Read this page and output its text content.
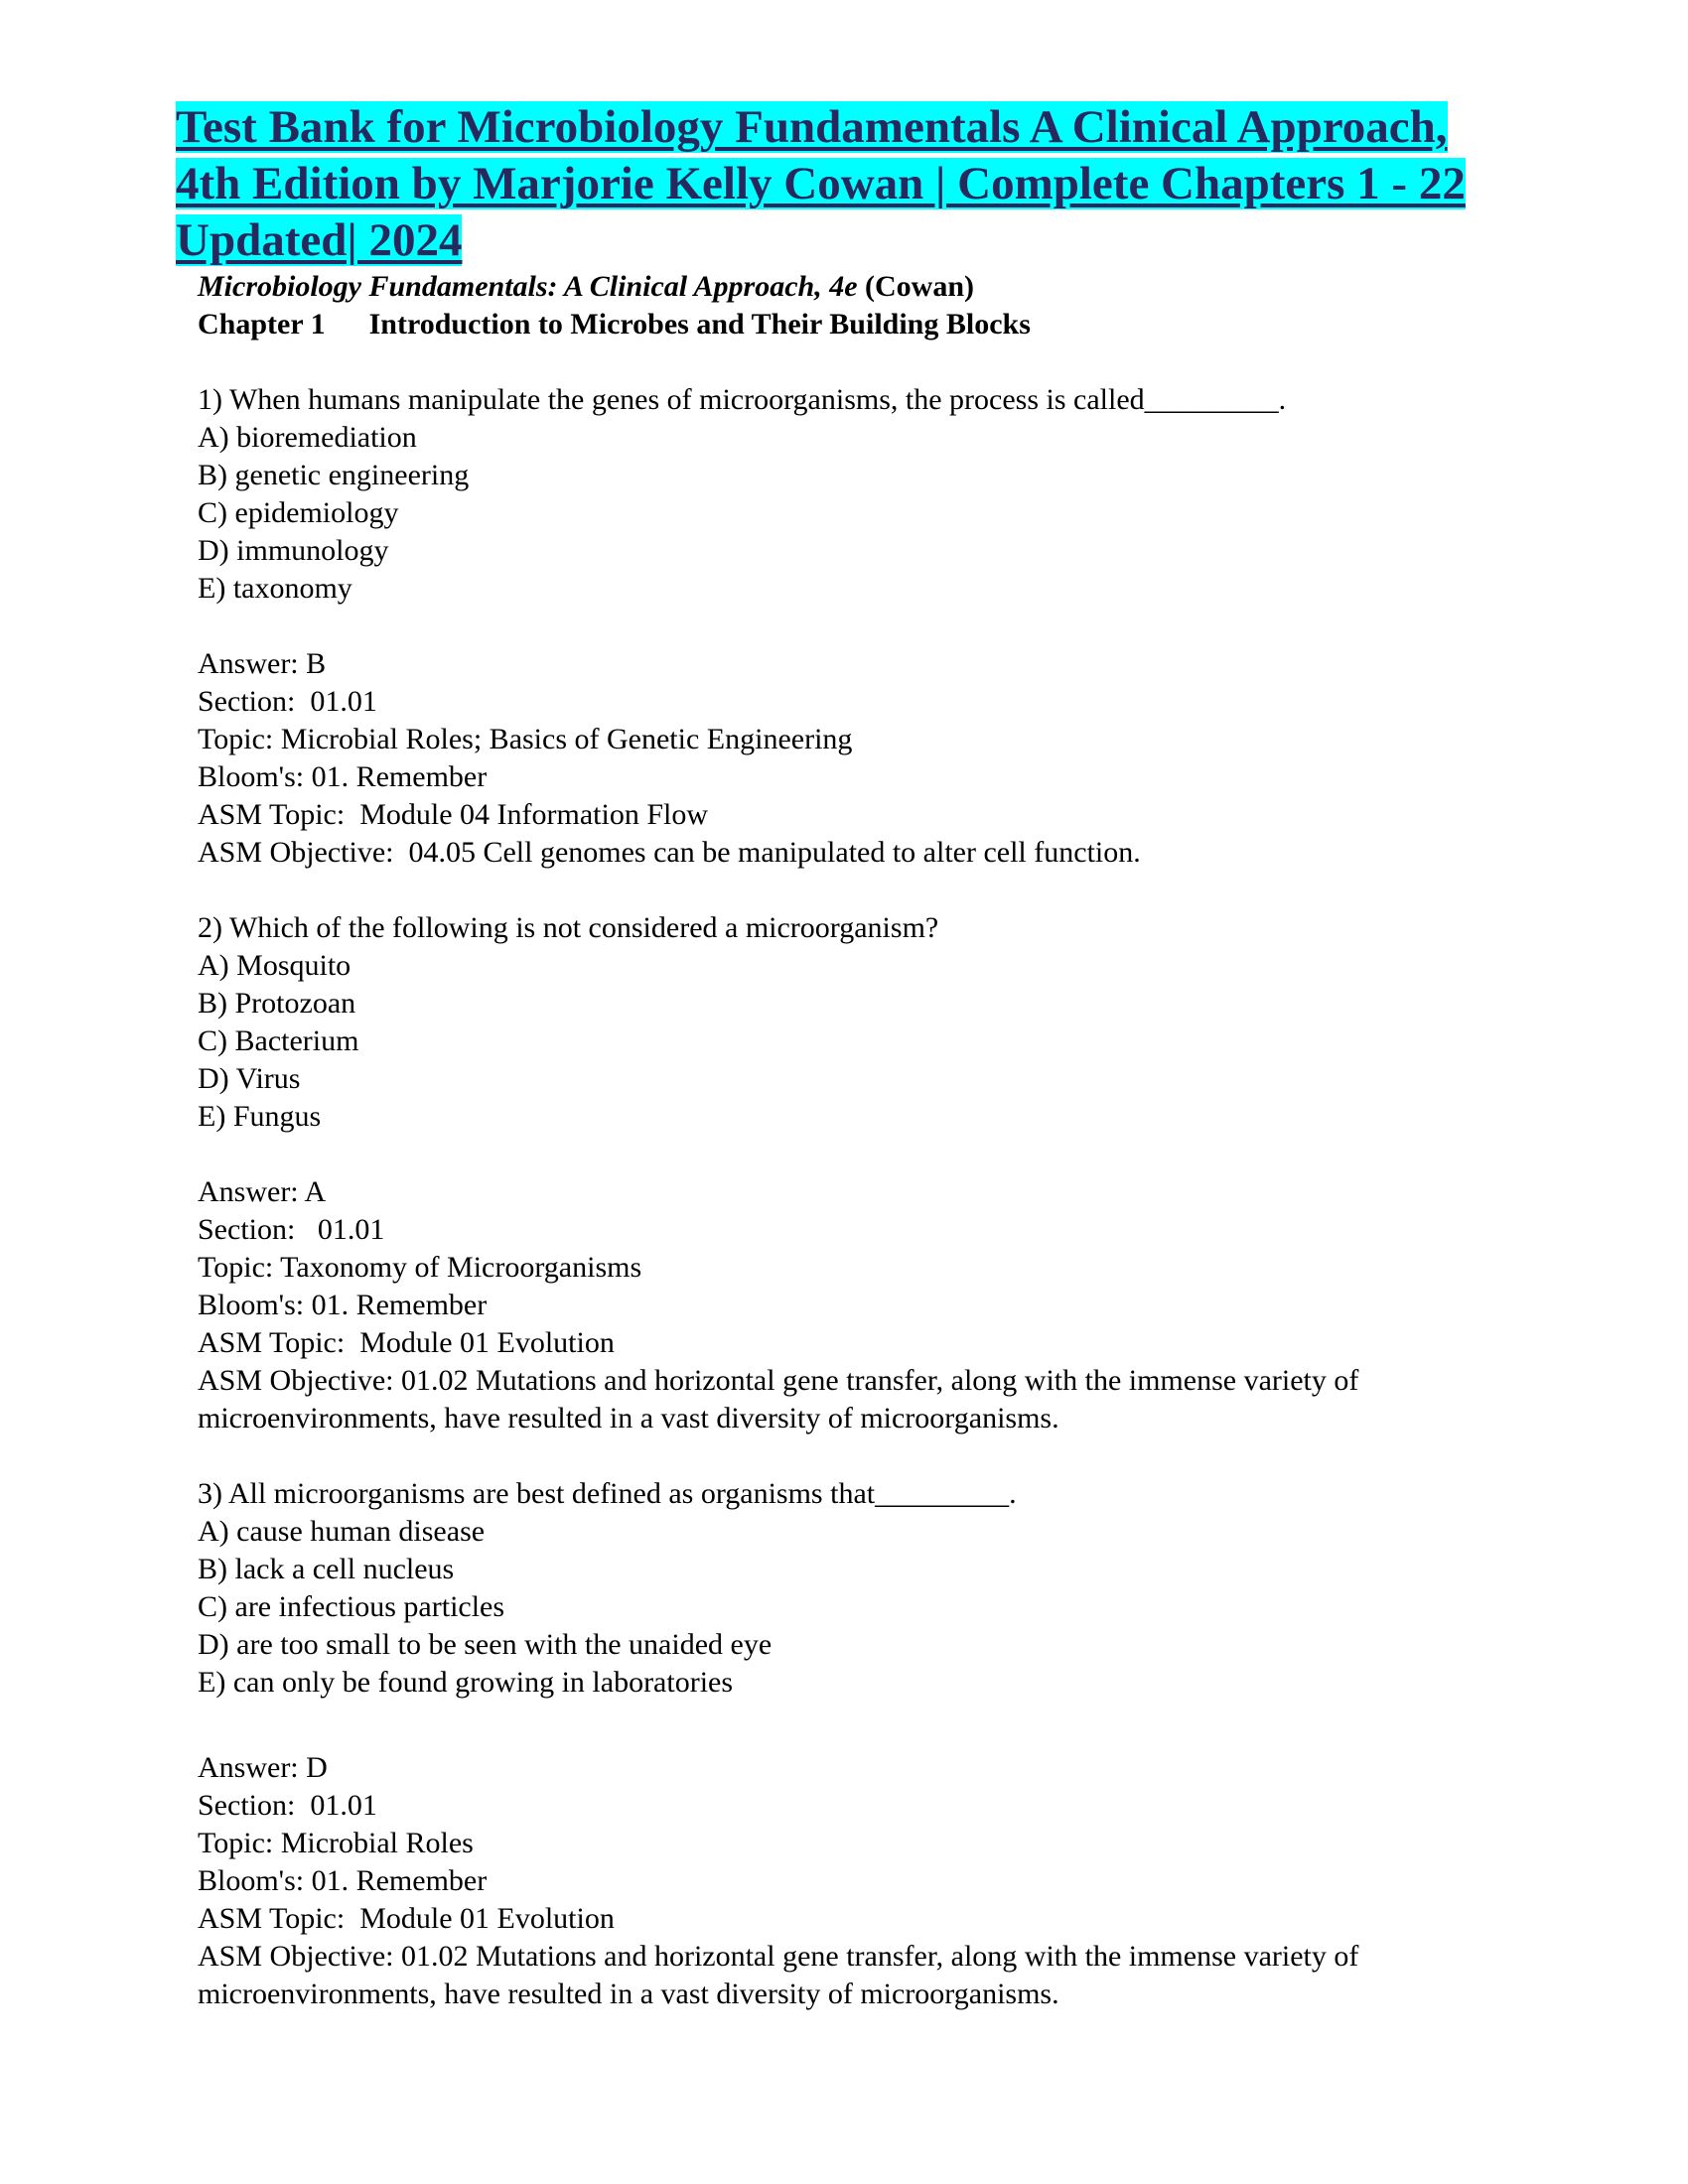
Test Bank for Microbiology Fundamentals A Clinical Approach, 4th Edition by Marjorie Kelly Cowan | Complete Chapters 1 - 22 Updated| 2024
Microbiology Fundamentals: A Clinical Approach, 4e (Cowan)
Chapter 1 Introduction to Microbes and Their Building Blocks
1) When humans manipulate the genes of microorganisms, the process is called_________.
A) bioremediation
B) genetic engineering
C) epidemiology
D) immunology
E) taxonomy
Answer: B
Section:  01.01
Topic: Microbial Roles; Basics of Genetic Engineering
Bloom's: 01. Remember
ASM Topic:  Module 04 Information Flow
ASM Objective:  04.05 Cell genomes can be manipulated to alter cell function.
2) Which of the following is not considered a microorganism?
A) Mosquito
B) Protozoan
C) Bacterium
D) Virus
E) Fungus
Answer: A
Section:   01.01
Topic: Taxonomy of Microorganisms
Bloom's: 01. Remember
ASM Topic:  Module 01 Evolution
ASM Objective: 01.02 Mutations and horizontal gene transfer, along with the immense variety of microenvironments, have resulted in a vast diversity of microorganisms.
3) All microorganisms are best defined as organisms that_________.
A) cause human disease
B) lack a cell nucleus
C) are infectious particles
D) are too small to be seen with the unaided eye
E) can only be found growing in laboratories
Answer: D
Section:  01.01
Topic: Microbial Roles
Bloom's: 01. Remember
ASM Topic:  Module 01 Evolution
ASM Objective: 01.02 Mutations and horizontal gene transfer, along with the immense variety of microenvironments, have resulted in a vast diversity of microorganisms.
